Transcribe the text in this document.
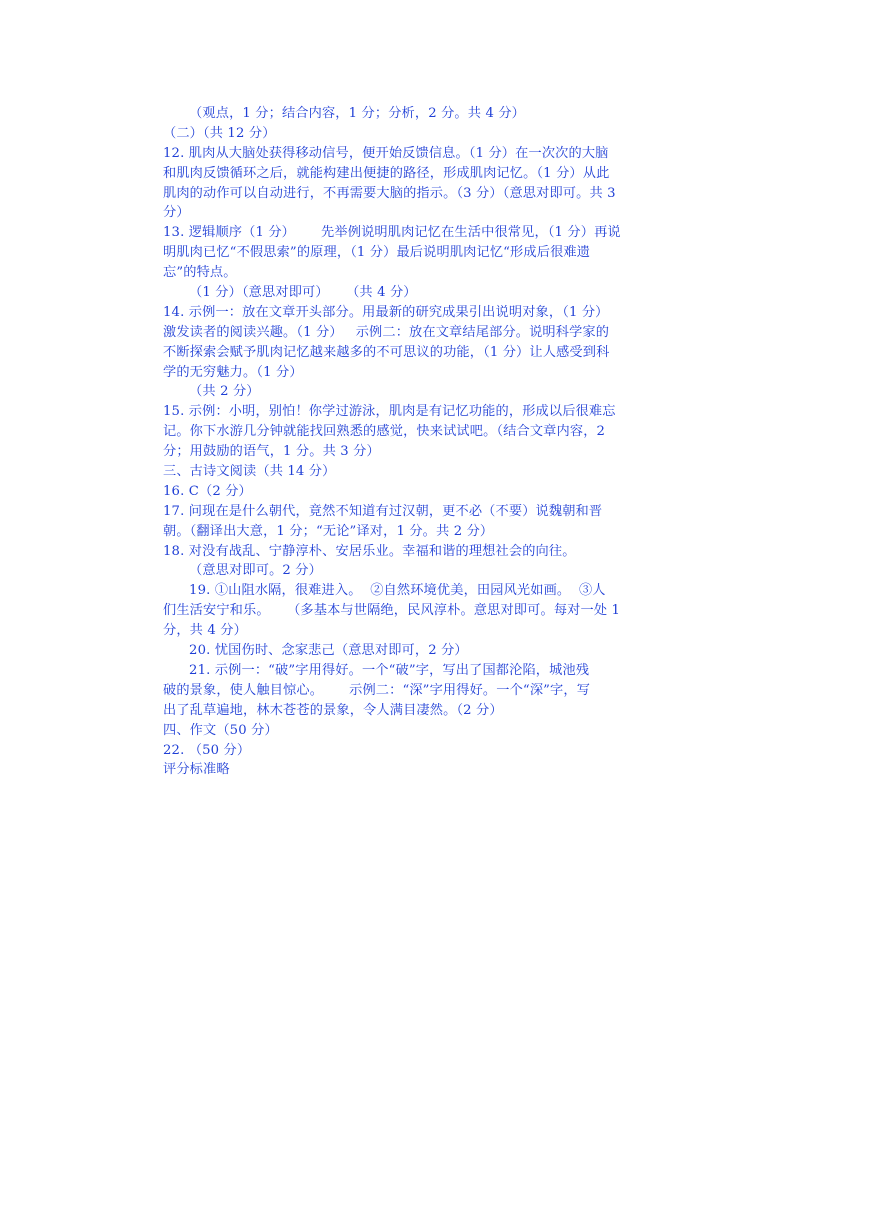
（观点，1 分；结合内容，1 分；分析，2 分。共 4 分）
（二）（共 12 分）
12. 肌肉从大脑处获得移动信号，便开始反馈信息。（1 分）在一次次的大脑
和肌肉反馈循环之后，就能构建出便捷的路径，形成肌肉记忆。（1 分）从此
肌肉的动作可以自动进行，不再需要大脑的指示。（3 分）（意思对即可。共 3
分）
13. 逻辑顺序（1 分）      先举例说明肌肉记忆在生活中很常见，（1 分）再说
明肌肉已忆“不假思索”的原理，（1 分）最后说明肌肉记忆“形成后很难遗
忘”的特点。
（1 分）（意思对即可）    （共 4 分）
14. 示例一：放在文章开头部分。用最新的研究成果引出说明对象，（1 分）
激发读者的阅读兴趣。（1 分）   示例二：放在文章结尾部分。说明科学家的
不断探索会赋予肌肉记忆越来越多的不可思议的功能，（1 分）让人感受到科
学的无穷魅力。（1 分）
（共 2 分）
15. 示例：小明，别怕！你学过游泳，肌肉是有记忆功能的，形成以后很难忘
记。你下水游几分钟就能找回熟悉的感觉，快来试试吧。（结合文章内容，2
分；用鼓励的语气，1 分。共 3 分）
三、古诗文阅读（共 14 分）
16. C（2 分）
17. 问现在是什么朝代，竟然不知道有过汉朝，更不必（不要）说魏朝和晋
朝。（翻译出大意，1 分；“无论”译对，1 分。共 2 分）
18. 对没有战乱、宁静淳朴、安居乐业。幸福和谐的理想社会的向往。
（意思对即可。2 分）
19. ①山阻水隔，很难进入。  ②自然环境优美，田园风光如画。  ③人
们生活安宁和乐。    （多基本与世隔绝，民风淳朴。意思对即可。每对一处 1
分，共 4 分）
20. 忧国伤时、念家悲己（意思对即可，2 分）
21. 示例一：“破”字用得好。一个“破”字，写出了国都沦陷，城池残
破的景象，使人触目惊心。      示例二：“深”字用得好。一个“深”字，写
出了乱草遍地，林木苍苍的景象，令人满目凄然。（2 分）
四、作文（50 分）
22. （50 分）
评分标准略
